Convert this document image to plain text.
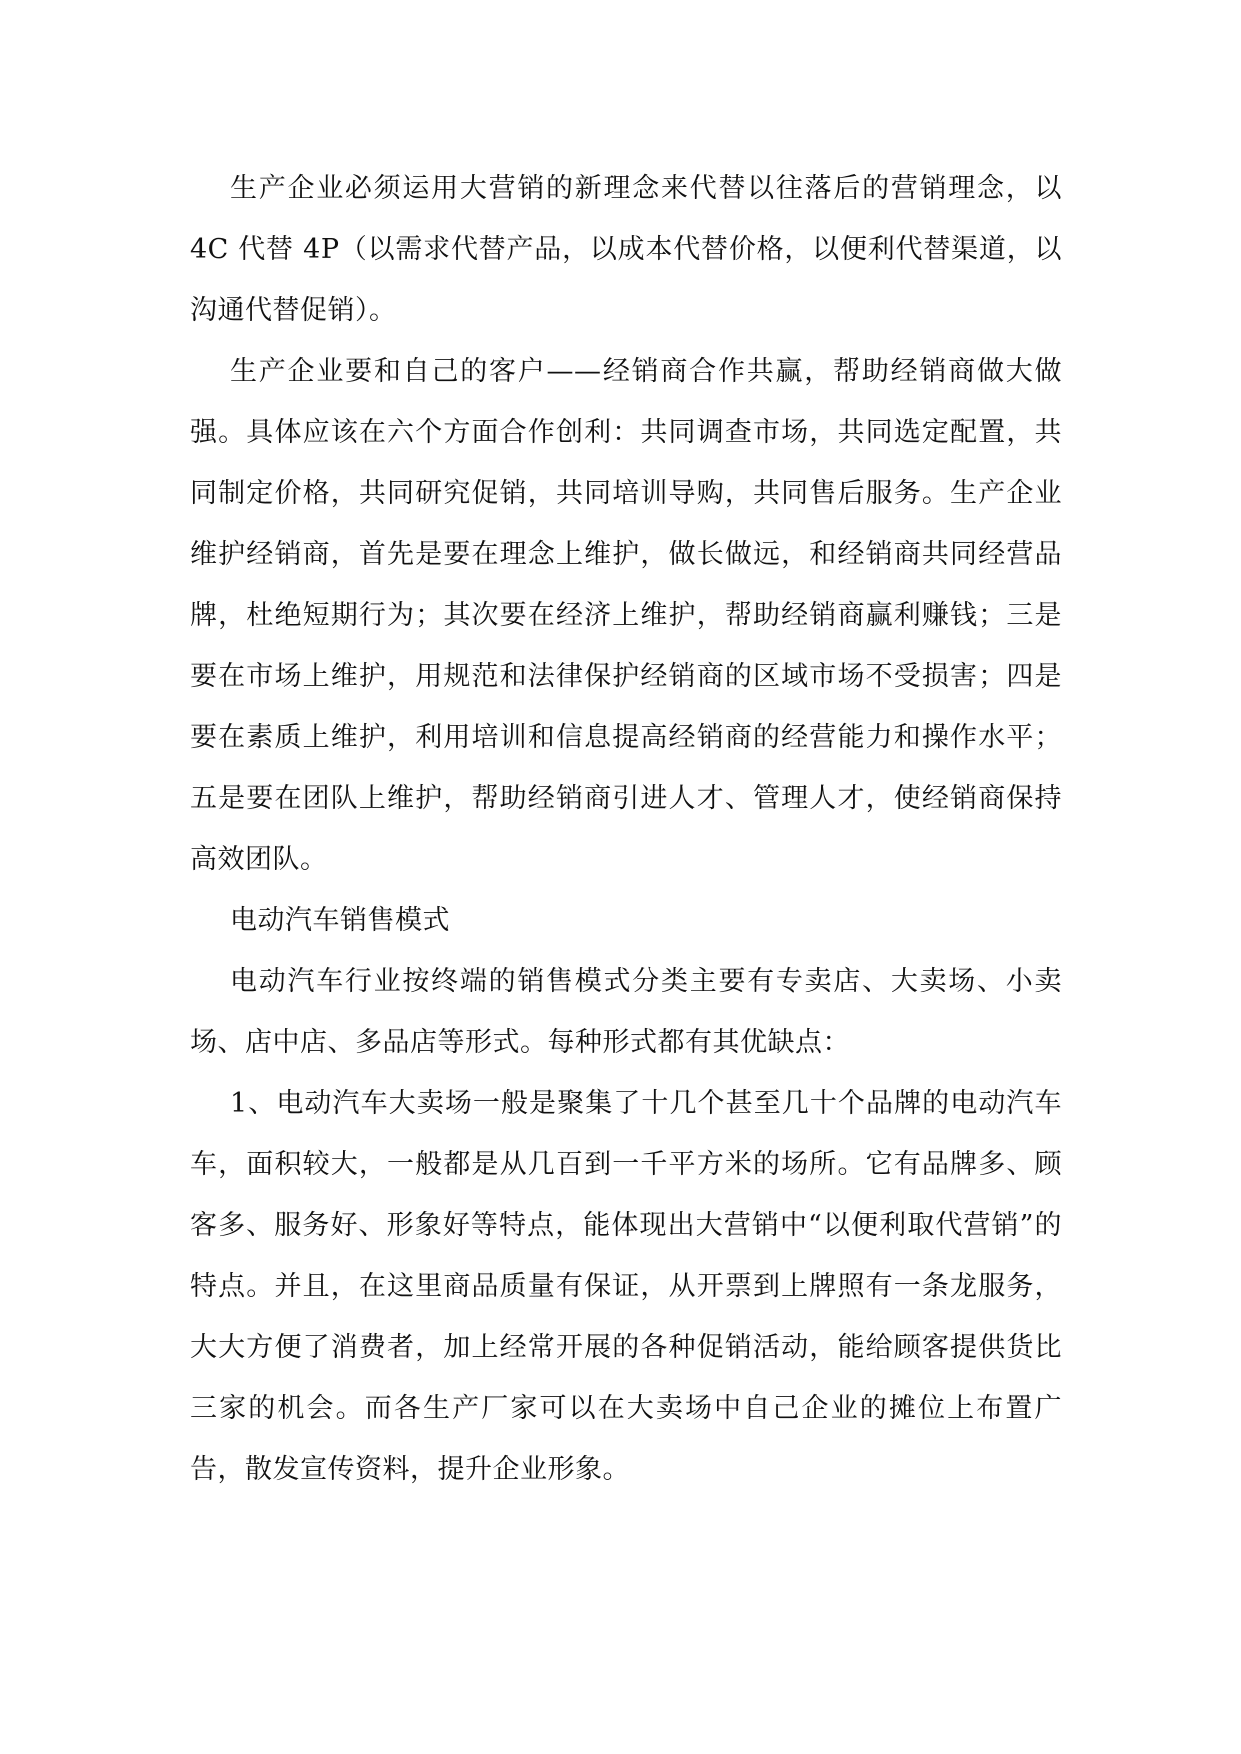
生产企业必须运用大营销的新理念来代替以往落后的营销理念，以 4C 代替 4P（以需求代替产品，以成本代替价格，以便利代替渠道，以沟通代替促销）。

生产企业要和自己的客户——经销商合作共赢，帮助经销商做大做强。具体应该在六个方面合作创利：共同调查市场，共同选定配置，共同制定价格，共同研究促销，共同培训导购，共同售后服务。生产企业维护经销商，首先是要在理念上维护，做长做远，和经销商共同经营品牌，杜绝短期行为；其次要在经济上维护，帮助经销商赢利赚钱；三是要在市场上维护，用规范和法律保护经销商的区域市场不受损害；四是要在素质上维护，利用培训和信息提高经销商的经营能力和操作水平；五是要在团队上维护，帮助经销商引进人才、管理人才，使经销商保持高效团队。

电动汽车销售模式

电动汽车行业按终端的销售模式分类主要有专卖店、大卖场、小卖场、店中店、多品店等形式。每种形式都有其优缺点：

1、电动汽车大卖场一般是聚集了十几个甚至几十个品牌的电动汽车车，面积较大，一般都是从几百到一千平方米的场所。它有品牌多、顾客多、服务好、形象好等特点，能体现出大营销中“以便利取代营销”的特点。并且，在这里商品质量有保证，从开票到上牌照有一条龙服务，大大方便了消费者，加上经常开展的各种促销活动，能给顾客提供货比三家的机会。而各生产厂家可以在大卖场中自己企业的摊位上布置广告，散发宣传资料，提升企业形象。
